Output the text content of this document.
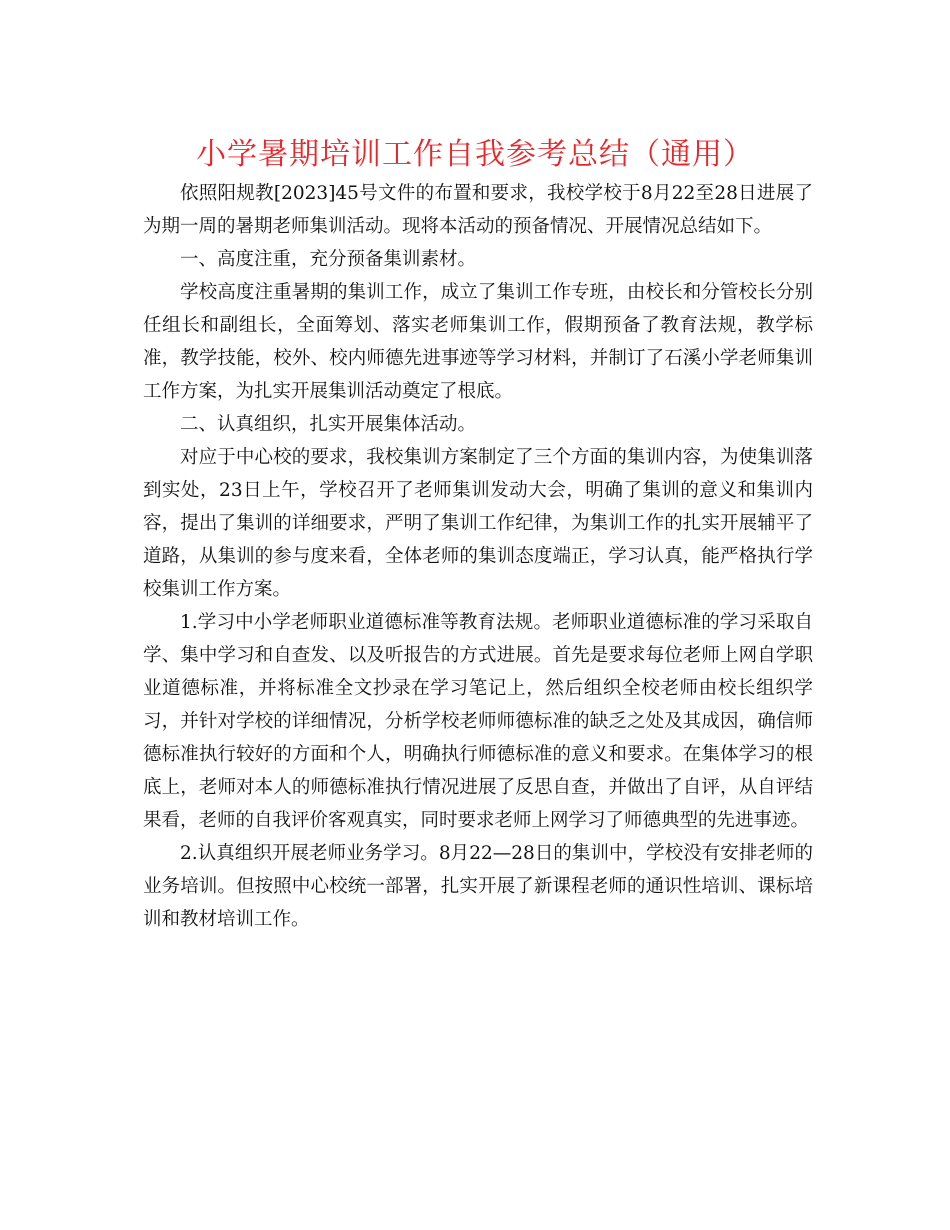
小学暑期培训工作自我参考总结（通用）

依照阳规教[2023]45号文件的布置和要求，我校学校于8月22至28日进展了为期一周的暑期老师集训活动。现将本活动的预备情况、开展情况总结如下。

一、高度注重，充分预备集训素材。

学校高度注重暑期的集训工作，成立了集训工作专班，由校长和分管校长分别任组长和副组长，全面筹划、落实老师集训工作，假期预备了教育法规，教学标准，教学技能，校外、校内师德先进事迹等学习材料，并制订了石溪小学老师集训工作方案，为扎实开展集训活动奠定了根底。

二、认真组织，扎实开展集体活动。

对应于中心校的要求，我校集训方案制定了三个方面的集训内容，为使集训落到实处，23日上午，学校召开了老师集训发动大会，明确了集训的意义和集训内容，提出了集训的详细要求，严明了集训工作纪律，为集训工作的扎实开展辅平了道路，从集训的参与度来看，全体老师的集训态度端正，学习认真，能严格执行学校集训工作方案。

1.学习中小学老师职业道德标准等教育法规。老师职业道德标准的学习采取自学、集中学习和自查发、以及听报告的方式进展。首先是要求每位老师上网自学职业道德标准，并将标准全文抄录在学习笔记上，然后组织全校老师由校长组织学习，并针对学校的详细情况，分析学校老师师德标准的缺乏之处及其成因，确信师德标准执行较好的方面和个人，明确执行师德标准的意义和要求。在集体学习的根底上，老师对本人的师德标准执行情况进展了反思自查，并做出了自评，从自评结果看，老师的自我评价客观真实，同时要求老师上网学习了师德典型的先进事迹。

2.认真组织开展老师业务学习。8月22—28日的集训中，学校没有安排老师的业务培训。但按照中心校统一部署，扎实开展了新课程老师的通识性培训、课标培训和教材培训工作。
